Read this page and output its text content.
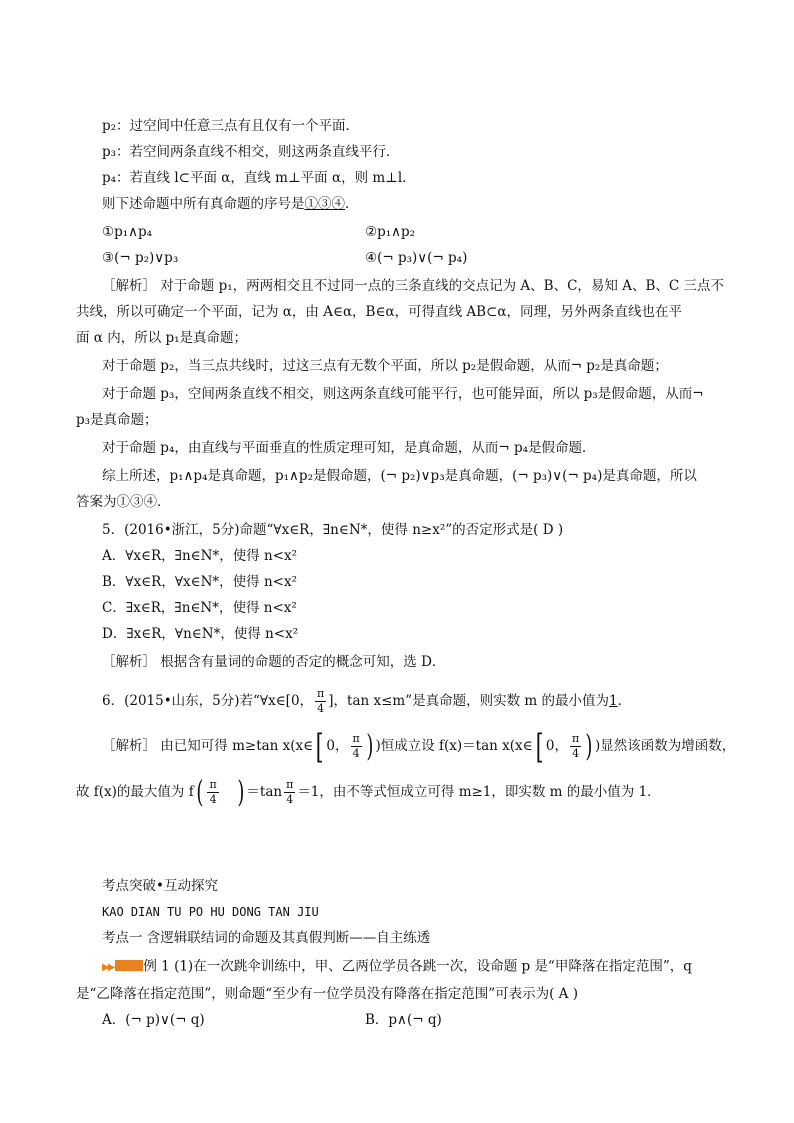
p₂：过空间中任意三点有且仅有一个平面．
p₃：若空间两条直线不相交，则这两条直线平行．
p₄：若直线 l⊂平面 α，直线 m⊥平面 α，则 m⊥l．
则下述命题中所有真命题的序号是①③④．
①p₁∧p₄	②p₁∧p₂
③(¬ p₂)∨p₃	④(¬ p₃)∨(¬ p₄)
［解析］ 对于命题 p₁，两两相交且不过同一点的三条直线的交点记为 A、B、C，易知 A、B、C 三点不
共线，所以可确定一个平面，记为 α，由 A∈α，B∈α，可得直线 AB⊂α，同理，另外两条直线也在平
面 α 内，所以 p₁是真命题；
对于命题 p₂，当三点共线时，过这三点有无数个平面，所以 p₂是假命题，从而¬ p₂是真命题；
对于命题 p₃，空间两条直线不相交，则这两条直线可能平行，也可能异面，所以 p₃是假命题，从而¬
p₃是真命题；
对于命题 p₄，由直线与平面垂直的性质定理可知，是真命题，从而¬ p₄是假命题．
综上所述，p₁∧p₄是真命题，p₁∧p₂是假命题，(¬ p₂)∨p₃是真命题，(¬ p₃)∨(¬ p₄)是真命题，所以
答案为①③④．
5．(2016•浙江，5分)命题“∀x∈R，∃n∈N*，使得 n≥x²”的否定形式是( D )
A．∀x∈R，∃n∈N*，使得 n<x²
B．∀x∈R，∀x∈N*，使得 n<x²
C．∃x∈R，∃n∈N*，使得 n<x²
D．∃x∈R，∀n∈N*，使得 n<x²
［解析］ 根据含有量词的命题的否定的概念可知，选 D．
6．(2015•山东，5分)若“∀x∈[0， $\frac{\pi}{4}$ ]，tan x≤m”是真命题，则实数 m 的最小值为1．
［解析］ 由已知可得 m≥tan x(x∈[ 0， $\frac{\pi}{4}$ ) )恒成立设 f(x)＝tan x(x∈[ 0， $\frac{\pi}{4}$ ) )显然该函数为增函数，
故 f(x)的最大值为 $f( \frac{\pi}{4}$ ) $=\tan \frac{\pi}{4} =1$，由不等式恒成立可得 m≥1，即实数 m 的最小值为 1．
考点突破•互动探究
KAO DIAN TU PO HU DONG TAN JIU
考点一 含逻辑联结词的命题及其真假判断——自主练透
▶▶ 例 1 (1)在一次跳伞训练中，甲、乙两位学员各跳一次，设命题 p 是“甲降落在指定范围”，q
是“乙降落在指定范围”，则命题“至少有一位学员没有降落在指定范围”可表示为( A )
A．(¬ p)∨(¬ q)	B．p∧(¬ q)
